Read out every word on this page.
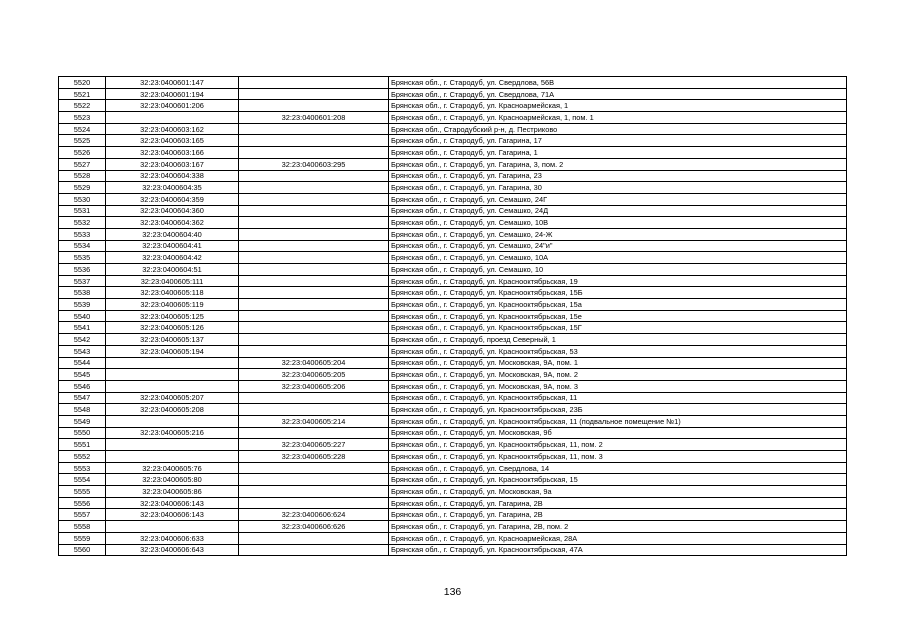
5520	32:23:0400601:147		Брянская обл., г. Стародуб, ул. Свердлова, 56В
5521	32:23:0400601:194		Брянская обл., г. Стародуб, ул. Свердлова, 71А
5522	32:23:0400601:206		Брянская обл., г. Стародуб, ул. Красноармейская, 1
5523		32:23:0400601:208	Брянская обл., г. Стародуб, ул. Красноармейская, 1, пом. 1
5524	32:23:0400603:162		Брянская обл., Стародубский р-н, д. Пестриково
5525	32:23:0400603:165		Брянская обл., г. Стародуб, ул. Гагарина, 17
5526	32:23:0400603:166		Брянская обл., г. Стародуб, ул. Гагарина, 1
5527	32:23:0400603:167	32:23:0400603:295	Брянская обл., г. Стародуб, ул. Гагарина, 3, пом. 2
5528	32:23:0400604:338		Брянская обл., г. Стародуб, ул. Гагарина, 23
5529	32:23:0400604:35		Брянская обл., г. Стародуб, ул. Гагарина, 30
5530	32:23:0400604:359		Брянская обл., г. Стародуб, ул. Семашко, 24Г
5531	32:23:0400604:360		Брянская обл., г. Стародуб, ул. Семашко, 24Д
5532	32:23:0400604:362		Брянская обл., г. Стародуб, ул. Семашко, 10В
5533	32:23:0400604:40		Брянская обл., г. Стародуб, ул. Семашко, 24-Ж
5534	32:23:0400604:41		Брянская обл., г. Стародуб, ул. Семашко, 24"и"
5535	32:23:0400604:42		Брянская обл., г. Стародуб, ул. Семашко, 10А
5536	32:23:0400604:51		Брянская обл., г. Стародуб, ул. Семашко, 10
5537	32:23:0400605:111		Брянская обл., г. Стародуб, ул. Краснооктябрьская, 19
5538	32:23:0400605:118		Брянская обл., г. Стародуб, ул. Краснооктябрьская, 15Б
5539	32:23:0400605:119		Брянская обл., г. Стародуб, ул. Краснооктябрьская, 15а
5540	32:23:0400605:125		Брянская обл., г. Стародуб, ул. Краснооктябрьская, 15е
5541	32:23:0400605:126		Брянская обл., г. Стародуб, ул. Краснооктябрьская, 15Г
5542	32:23:0400605:137		Брянская обл., г. Стародуб, проезд Северный, 1
5543	32:23:0400605:194		Брянская обл., г. Стародуб, ул. Краснооктябрьская, 53
5544		32:23:0400605:204	Брянская обл., г. Стародуб, ул. Московская, 9А, пом. 1
5545		32:23:0400605:205	Брянская обл., г. Стародуб, ул. Московская, 9А, пом. 2
5546		32:23:0400605:206	Брянская обл., г. Стародуб, ул. Московская, 9А, пом. 3
5547	32:23:0400605:207		Брянская обл., г. Стародуб, ул. Краснооктябрьская, 11
5548	32:23:0400605:208		Брянская обл., г. Стародуб, ул. Краснооктябрьская, 23Б
5549		32:23:0400605:214	Брянская обл., г. Стародуб, ул. Краснооктябрьская, 11 (подвальное помещение №1)
5550	32:23:0400605:216		Брянская обл., г. Стародуб, ул. Московская, 9б
5551		32:23:0400605:227	Брянская обл., г. Стародуб, ул. Краснооктябрьская, 11, пом. 2
5552		32:23:0400605:228	Брянская обл., г. Стародуб, ул. Краснооктябрьская, 11, пом. 3
5553	32:23:0400605:76		Брянская обл., г. Стародуб, ул. Свердлова, 14
5554	32:23:0400605:80		Брянская обл., г. Стародуб, ул. Краснооктябрьская, 15
5555	32:23:0400605:86		Брянская обл., г. Стародуб, ул. Московская, 9а
5556	32:23:0400606:143		Брянская обл., г. Стародуб, ул. Гагарина, 2В
5557	32:23:0400606:143	32:23:0400606:624	Брянская обл., г. Стародуб, ул. Гагарина, 2В
5558		32:23:0400606:626	Брянская обл., г. Стародуб, ул. Гагарина, 2В, пом. 2
5559	32:23:0400606:633		Брянская обл., г. Стародуб, ул. Красноармейская, 28А
5560	32:23:0400606:643		Брянская обл., г. Стародуб, ул. Краснооктябрьская, 47А
136
